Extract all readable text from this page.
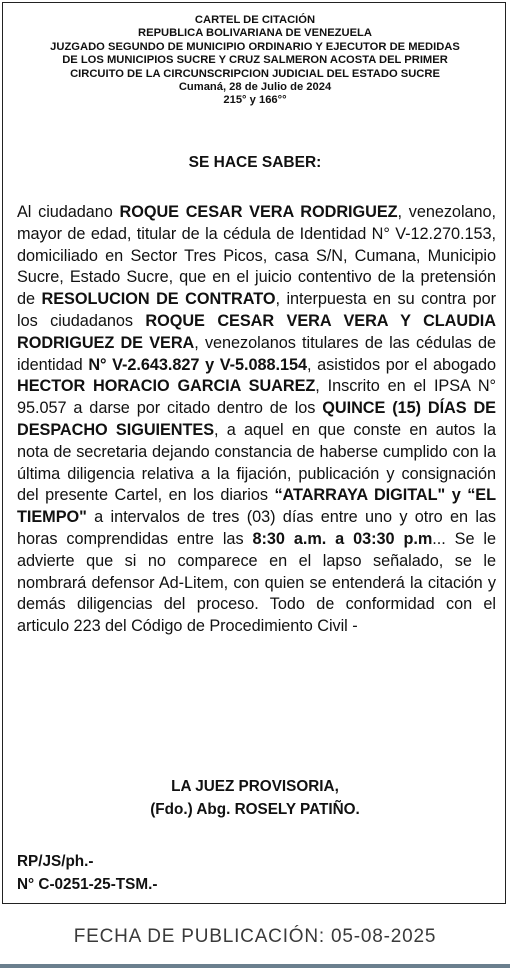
CARTEL DE CITACIÓN
REPUBLICA BOLIVARIANA DE VENEZUELA
JUZGADO SEGUNDO DE MUNICIPIO ORDINARIO Y EJECUTOR DE MEDIDAS
DE LOS MUNICIPIOS SUCRE Y CRUZ SALMERON ACOSTA DEL PRIMER
CIRCUITO DE LA CIRCUNSCRIPCION JUDICIAL DEL ESTADO SUCRE
Cumaná, 28 de Julio de 2024
215° y 166°°
SE HACE SABER:
Al ciudadano ROQUE CESAR VERA RODRIGUEZ, venezolano, mayor de edad, titular de la cédula de Identidad N° V-12.270.153, domiciliado en Sector Tres Picos, casa S/N, Cumana, Municipio Sucre, Estado Sucre, que en el juicio contentivo de la pretensión de RESOLUCION DE CONTRATO, interpuesta en su contra por los ciudadanos ROQUE CESAR VERA VERA Y CLAUDIA RODRIGUEZ DE VERA, venezolanos titulares de las cédulas de identidad N° V-2.643.827 y V-5.088.154, asistidos por el abogado HECTOR HORACIO GARCIA SUAREZ, Inscrito en el IPSA N° 95.057 a darse por citado dentro de los QUINCE (15) DÍAS DE DESPACHO SIGUIENTES, a aquel en que conste en autos la nota de secretaria dejando constancia de haberse cumplido con la última diligencia relativa a la fijación, publicación y consignación del presente Cartel, en los diarios “ATARRAYA DIGITAL" y “EL TIEMPO" a intervalos de tres (03) días entre uno y otro en las horas comprendidas entre las 8:30 a.m. a 03:30 p.m... Se le advierte que si no comparece en el lapso señalado, se le nombrará defensor Ad-Litem, con quien se entenderá la citación y demás diligencias del proceso. Todo de conformidad con el articulo 223 del Código de Procedimiento Civil -
LA JUEZ PROVISORIA,
(Fdo.) Abg. ROSELY PATIÑO.
RP/JS/ph.-
N° C-0251-25-TSM.-
FECHA DE PUBLICACIÓN: 05-08-2025
